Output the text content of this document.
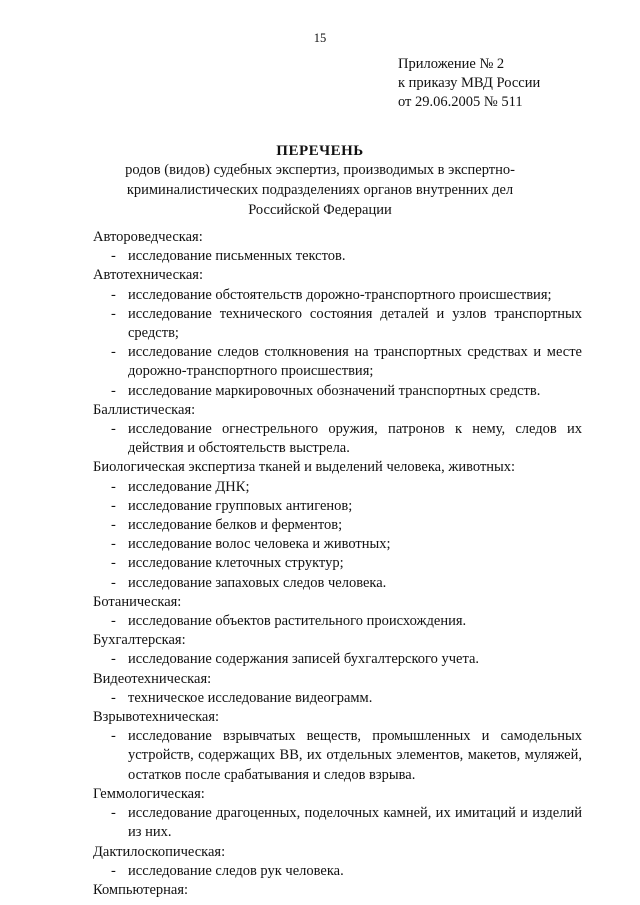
15
Приложение № 2
к приказу МВД России
от 29.06.2005 № 511
ПЕРЕЧЕНЬ
родов (видов) судебных экспертиз, производимых в экспертно-
криминалистических подразделениях органов внутренних дел
Российской Федерации
Автороведческая:
- исследование письменных текстов.
Автотехническая:
- исследование обстоятельств дорожно-транспортного происшествия;
- исследование технического состояния деталей и узлов транспортных средств;
- исследование следов столкновения на транспортных средствах и месте дорожно-транспортного происшествия;
- исследование маркировочных обозначений транспортных средств.
Баллистическая:
- исследование огнестрельного оружия, патронов к нему, следов их действия и обстоятельств выстрела.
Биологическая экспертиза тканей и выделений человека, животных:
- исследование ДНК;
- исследование групповых антигенов;
- исследование белков и ферментов;
- исследование волос человека и животных;
- исследование клеточных структур;
- исследование запаховых следов человека.
Ботаническая:
- исследование объектов растительного происхождения.
Бухгалтерская:
- исследование содержания записей бухгалтерского учета.
Видеотехническая:
- техническое исследование видеограмм.
Взрывотехническая:
- исследование взрывчатых веществ, промышленных и самодельных устройств, содержащих ВВ, их отдельных элементов, макетов, муляжей, остатков после срабатывания и следов взрыва.
Геммологическая:
- исследование драгоценных, поделочных камней, их имитаций и изделий из них.
Дактилоскопическая:
- исследование следов рук человека.
Компьютерная:
